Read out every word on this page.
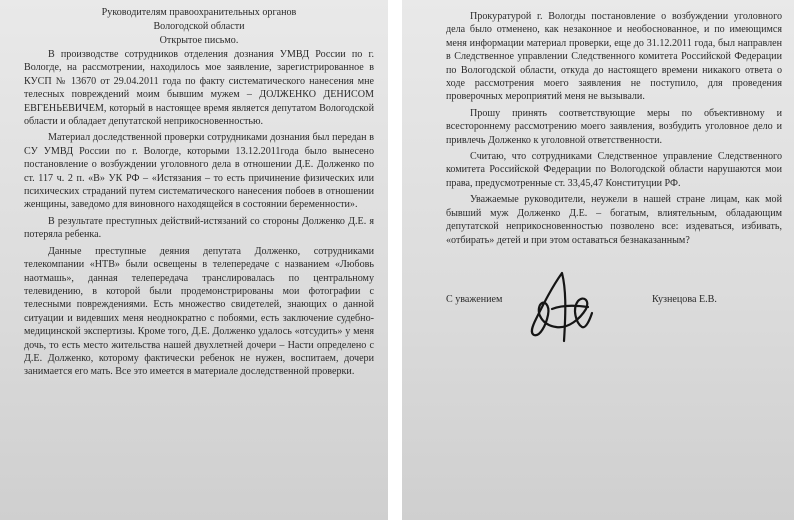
Руководителям правоохранительных органов
Вологодской области
Открытое письмо.

В производстве сотрудников отделения дознания УМВД России по г. Вологде, на рассмотрении, находилось мое заявление, зарегистрированное в КУСП № 13670 от 29.04.2011 года по факту систематического нанесения мне телесных повреждений моим бывшим мужем – ДОЛЖЕНКО ДЕНИСОМ ЕВГЕНЬЕВИЧЕМ, который в настоящее время является депутатом Вологодской области и обладает депутатской неприкосновенностью.

Материал доследственной проверки сотрудниками дознания был передан в СУ УМВД России по г. Вологде, которыми 13.12.2011года было вынесено постановление о возбуждении уголовного дела в отношении Д.Е. Долженко по ст. 117 ч. 2 п. «В» УК РФ – «Истязания – то есть причинение физических или психических страданий путем систематического нанесения побоев в отношении женщины, заведомо для виновного находящейся в состоянии беременности».

В результате преступных действий-истязаний со стороны Долженко Д.Е. я потеряла ребенка.

Данные преступные деяния депутата Долженко, сотрудниками телекомпании «НТВ» были освещены в телепередаче с названием «Любовь наотмашь», данная телепередача транслировалась по центральному телевидению, в которой были продемонстрированы мои фотографии с телесными повреждениями. Есть множество свидетелей, знающих о данной ситуации и видевших меня неоднократно с побоями, есть заключение судебно-медицинской экспертизы. Кроме того, Д.Е. Долженко удалось «отсудить» у меня дочь, то есть место жительства нашей двухлетней дочери – Насти определено с Д.Е. Долженко, которому фактически ребенок не нужен, воспитаем, дочери занимается его мать. Все это имеется в материале доследственной проверки.

Прокуратурой г. Вологды постановление о возбуждении уголовного дела было отменено, как незаконное и необоснованное, и по имеющимся меня информации материал проверки, еще до 31.12.2011 года, был направлен в Следственное управлении Следственного комитета Российской Федерации по Вологодской области, откуда до настоящего времени никакого ответа о ходе рассмотрения моего заявления не поступило, для проведения проверочных мероприятий меня не вызывали.

Прошу принять соответствующие меры по объективному и всестороннему рассмотрению моего заявления, возбудить уголовное дело и привлечь Долженко к уголовной ответственности.

Считаю, что сотрудниками Следственное управление Следственного комитета Российской Федерации по Вологодской области нарушаются мои права, предусмотренные ст. 33,45,47 Конституции РФ.

Уважаемые руководители, неужели в нашей стране лицам, как мой бывший муж Долженко Д.Е. – богатым, влиятельным, обладающим депутатской неприкосновенностью позволено все: издеваться, избивать, «отбирать» детей и при этом оставаться безнаказанным?

С уважением	Кузнецова Е.В.
